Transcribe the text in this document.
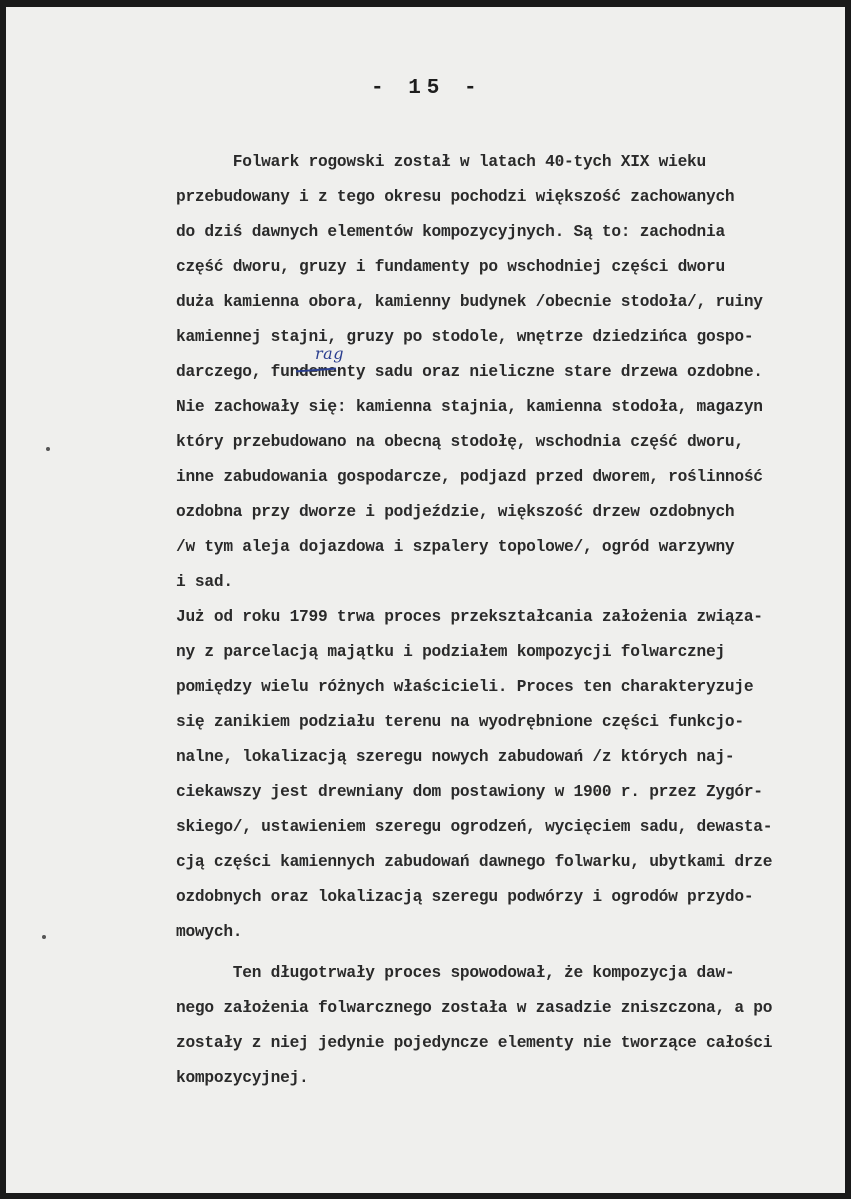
- 15 -
Folwark rogowski został w latach 40-tych XIX wieku
przebudowany i z tego okresu pochodzi większość zachowanych
do dziś dawnych elementów kompozycyjnych. Są to: zachodnia
część dworu, gruzy i fundamenty po wschodniej części dworu
duża kamienna obora, kamienny budynek /obecnie stodoła/, ruiny
kamiennej stajni, gruzy po stodole, wnętrze dziedzińca gospo-
darczego, fundementy sadu oraz nieliczne stare drzewa ozdobne.
Nie zachowały się: kamienna stajnia, kamienna stodoła, magazyn
który przebudowano na obecną stodołę, wschodnia część dworu,
inne zabudowania gospodarcze, podjazd przed dworem, roślinność
ozdobna przy dworze i podjeździe, większość drzew ozdobnych
/w tym aleja dojazdowa i szpalery topolowe/, ogród warzywny
i sad.
Już od roku 1799 trwa proces przekształcania założenia związa-
ny z parcelacją majątku i podziałem kompozycji folwarcznej
pomiędzy wielu różnych właścicieli. Proces ten charakteryzuje
się zanikiem podziału terenu na wyodrębnione części funkcjo-
nalne, lokalizacją szeregu nowych zabudowań /z których naj-
ciekawszy jest drewniany dom postawiony w 1900 r. przez Zygór-
skiego/, ustawieniem szeregu ogrodzeń, wycięciem sadu, dewasta-
cją części kamiennych zabudowań dawnego folwarku, ubytkami drze
ozdobnych oraz lokalizacją szeregu podwórzy i ogrodów przydo-
mowych.
Ten długotrwały proces spowodował, że kompozycja daw-
nego założenia folwarcznego została w zasadzie zniszczona, a po
zostały z niej jedynie pojedyncze elementy nie tworzące całości
kompozycyjnej.
rag
